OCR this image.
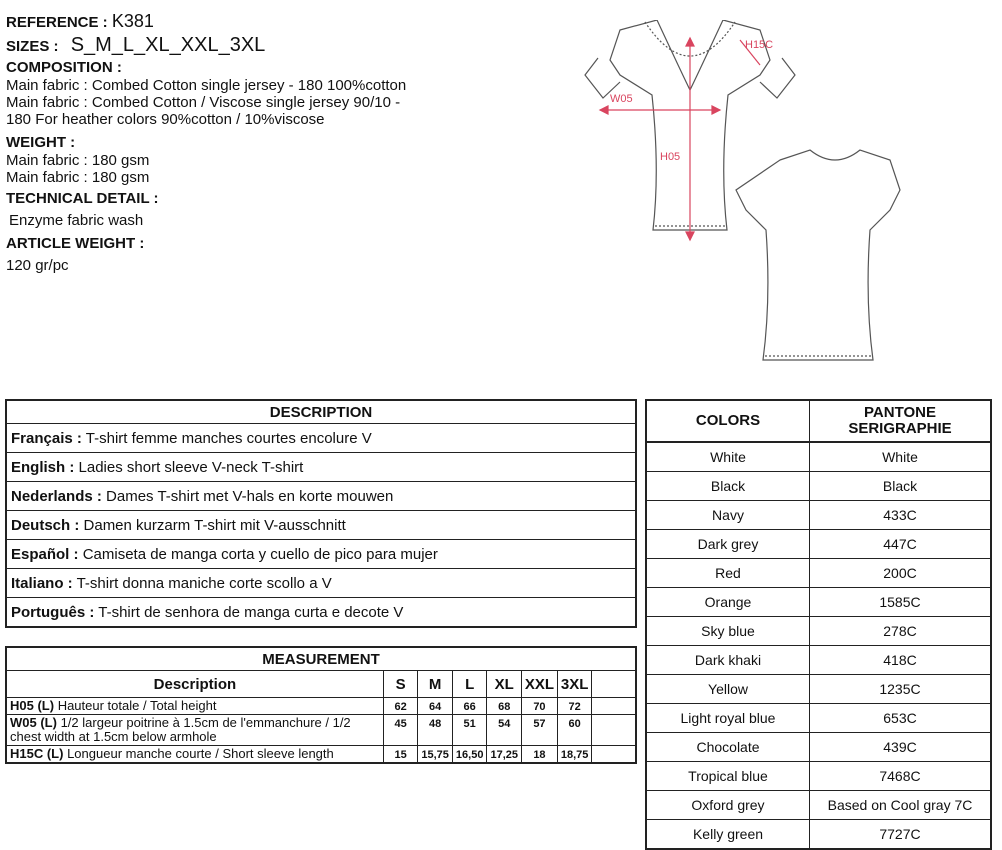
REFERENCE : K381
SIZES : S_M_L_XL_XXL_3XL
COMPOSITION :
Main fabric : Combed Cotton single jersey - 180 100%cotton
Main fabric : Combed Cotton / Viscose single jersey 90/10 -
180 For heather colors 90%cotton / 10%viscose
WEIGHT :
Main fabric : 180 gsm
Main fabric : 180 gsm
TECHNICAL DETAIL :
Enzyme fabric wash
ARTICLE WEIGHT :
120 gr/pc
W05
H05
H15C
DESCRIPTION
Français : T-shirt femme manches courtes encolure V
English : Ladies short sleeve V-neck T-shirt
Nederlands : Dames T-shirt met V-hals en korte mouwen
Deutsch : Damen kurzarm T-shirt mit V-ausschnitt
Español : Camiseta de manga corta y cuello de pico para mujer
Italiano : T-shirt donna maniche corte scollo a V
Português : T-shirt de senhora de manga curta e decote V
MEASUREMENT							
Description	S	M	L	XL	XXL	3XL	
H05 (L) Hauteur totale / Total height	62	64	66	68	70	72	
W05 (L) 1/2 largeur poitrine à 1.5cm de l'emmanchure / 1/2 chest width at 1.5cm below armhole	45	48	51	54	57	60	
H15C (L) Longueur manche courte / Short sleeve length	15	15,75	16,50	17,25	18	18,75	
COLORS	PANTONE
SERIGRAPHIE
White	White
Black	Black
Navy	433C
Dark grey	447C
Red	200C
Orange	1585C
Sky blue	278C
Dark khaki	418C
Yellow	1235C
Light royal blue	653C
Chocolate	439C
Tropical blue	7468C
Oxford grey	Based on Cool gray 7C
Kelly green	7727C
